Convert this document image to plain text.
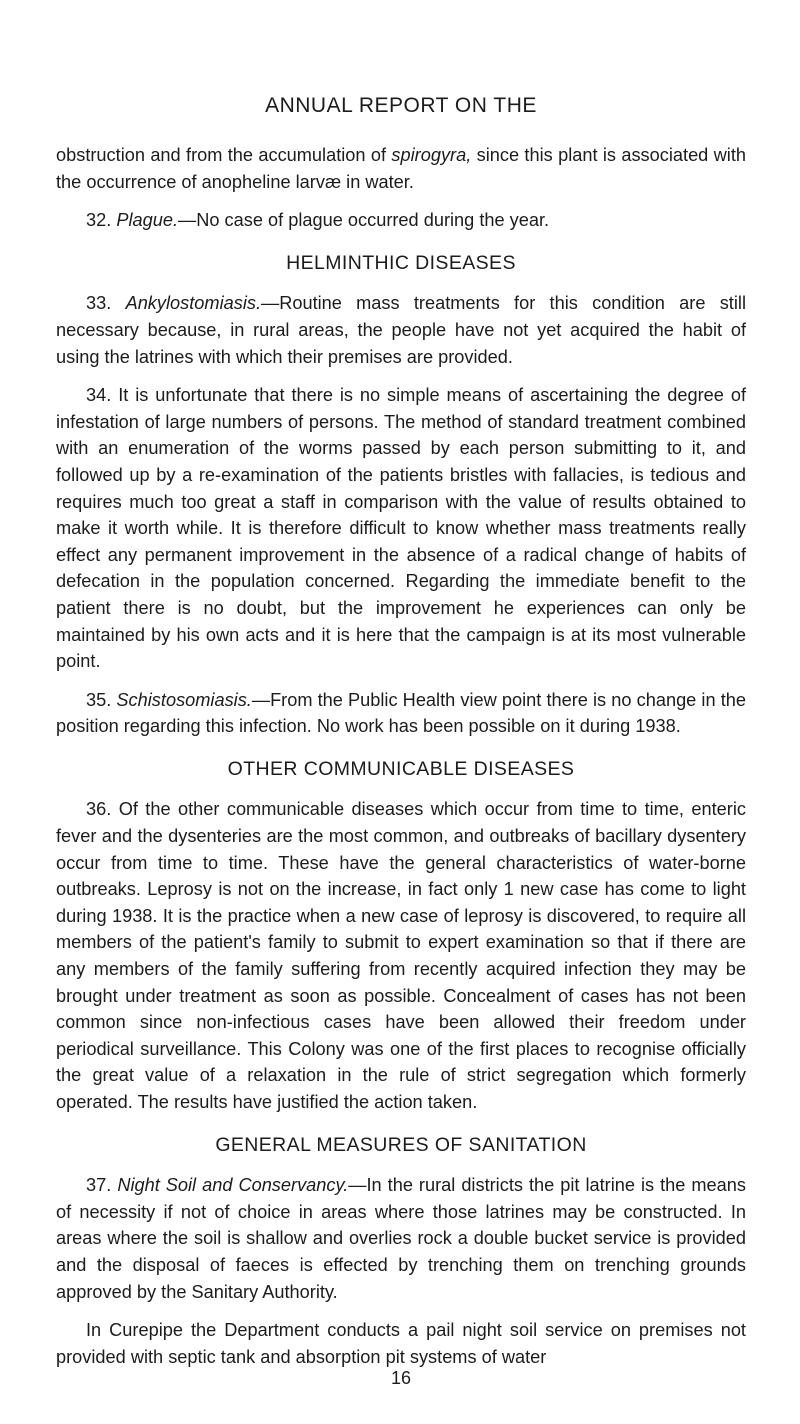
ANNUAL REPORT ON THE

obstruction and from the accumulation of spirogyra, since this plant is associated with the occurrence of anopheline larvæ in water.

32. Plague.—No case of plague occurred during the year.

HELMINTHIC DISEASES

33. Ankylostomiasis.—Routine mass treatments for this condition are still necessary because, in rural areas, the people have not yet acquired the habit of using the latrines with which their premises are provided.

34. It is unfortunate that there is no simple means of ascertaining the degree of infestation of large numbers of persons. The method of standard treatment combined with an enumeration of the worms passed by each person submitting to it, and followed up by a re-examination of the patients bristles with fallacies, is tedious and requires much too great a staff in comparison with the value of results obtained to make it worth while. It is therefore difficult to know whether mass treatments really effect any permanent improvement in the absence of a radical change of habits of defecation in the population concerned. Regarding the immediate benefit to the patient there is no doubt, but the improvement he experiences can only be maintained by his own acts and it is here that the campaign is at its most vulnerable point.

35. Schistosomiasis.—From the Public Health view point there is no change in the position regarding this infection. No work has been possible on it during 1938.

OTHER COMMUNICABLE DISEASES

36. Of the other communicable diseases which occur from time to time, enteric fever and the dysenteries are the most common, and outbreaks of bacillary dysentery occur from time to time. These have the general characteristics of water-borne outbreaks. Leprosy is not on the increase, in fact only 1 new case has come to light during 1938. It is the practice when a new case of leprosy is discovered, to require all members of the patient's family to submit to expert examination so that if there are any members of the family suffering from recently acquired infection they may be brought under treatment as soon as possible. Concealment of cases has not been common since non-infectious cases have been allowed their freedom under periodical surveillance. This Colony was one of the first places to recognise officially the great value of a relaxation in the rule of strict segregation which formerly operated. The results have justified the action taken.

GENERAL MEASURES OF SANITATION

37. Night Soil and Conservancy.—In the rural districts the pit latrine is the means of necessity if not of choice in areas where those latrines may be constructed. In areas where the soil is shallow and overlies rock a double bucket service is provided and the disposal of faeces is effected by trenching them on trenching grounds approved by the Sanitary Authority.

In Curepipe the Department conducts a pail night soil service on premises not provided with septic tank and absorption pit systems of water

16
